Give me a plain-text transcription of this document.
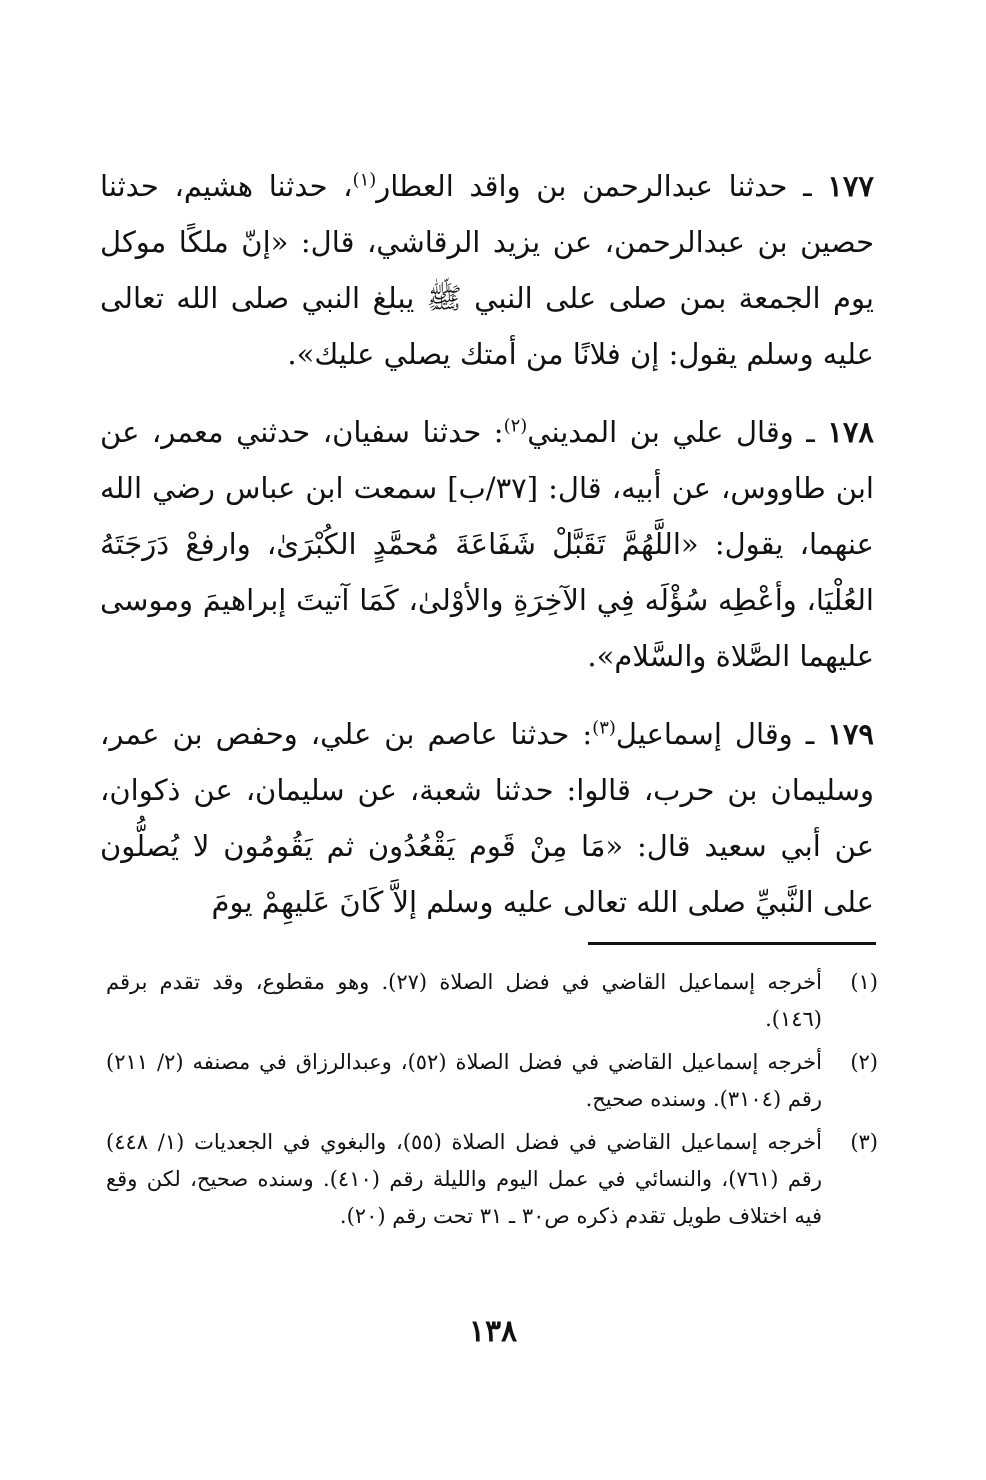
١٧٧ ـ حدثنا عبدالرحمن بن واقد العطار$^{(١)}$، حدثنا هشيم، حدثنا حصين بن عبدالرحمن، عن يزيد الرقاشي، قال: «إنّ ملكًا موكل يوم الجمعة بمن صلى على النبي ﷺ يبلغ النبي صلى الله تعالى عليه وسلم يقول: إن فلانًا من أمتك يصلي عليك».

١٧٨ ـ وقال علي بن المديني$^{(٢)}$: حدثنا سفيان، حدثني معمر، عن ابن طاووس، عن أبيه، قال: [٣٧/ب] سمعت ابن عباس رضي الله عنهما، يقول: «اللَّهُمَّ تَقَبَّلْ شَفَاعَةَ مُحمَّدٍ الكُبْرَىٰ، وارفعْ دَرَجَتَهُ العُلْيَا، وأعْطِه سُؤْلَه فِي الآخِرَةِ والأوْلىٰ، كَمَا آتيتَ إبراهيمَ وموسى عليهما الصَّلاة والسَّلام».

١٧٩ ـ وقال إسماعيل$^{(٣)}$: حدثنا عاصم بن علي، وحفص بن عمر، وسليمان بن حرب، قالوا: حدثنا شعبة، عن سليمان، عن ذكوان، عن أبي سعيد قال: «مَا مِنْ قَوم يَقْعُدُون ثم يَقُومُون لا يُصلُّون على النَّبيِّ صلى الله تعالى عليه وسلم إلاَّ كَانَ عَليهِمْ يومَ

(١)
أخرجه إسماعيل القاضي في فضل الصلاة (٢٧). وهو مقطوع، وقد تقدم برقم (١٤٦).

(٢)
أخرجه إسماعيل القاضي في فضل الصلاة (٥٢)، وعبدالرزاق في مصنفه (٢/ ٢١١) رقم (٣١٠٤). وسنده صحيح.

(٣)
أخرجه إسماعيل القاضي في فضل الصلاة (٥٥)، والبغوي في الجعديات (١/ ٤٤٨) رقم (٧٦١)، والنسائي في عمل اليوم والليلة رقم (٤١٠). وسنده صحيح، لكن وقع فيه اختلاف طويل تقدم ذكره ص٣٠ ـ ٣١ تحت رقم (٢٠).

١٣٨
